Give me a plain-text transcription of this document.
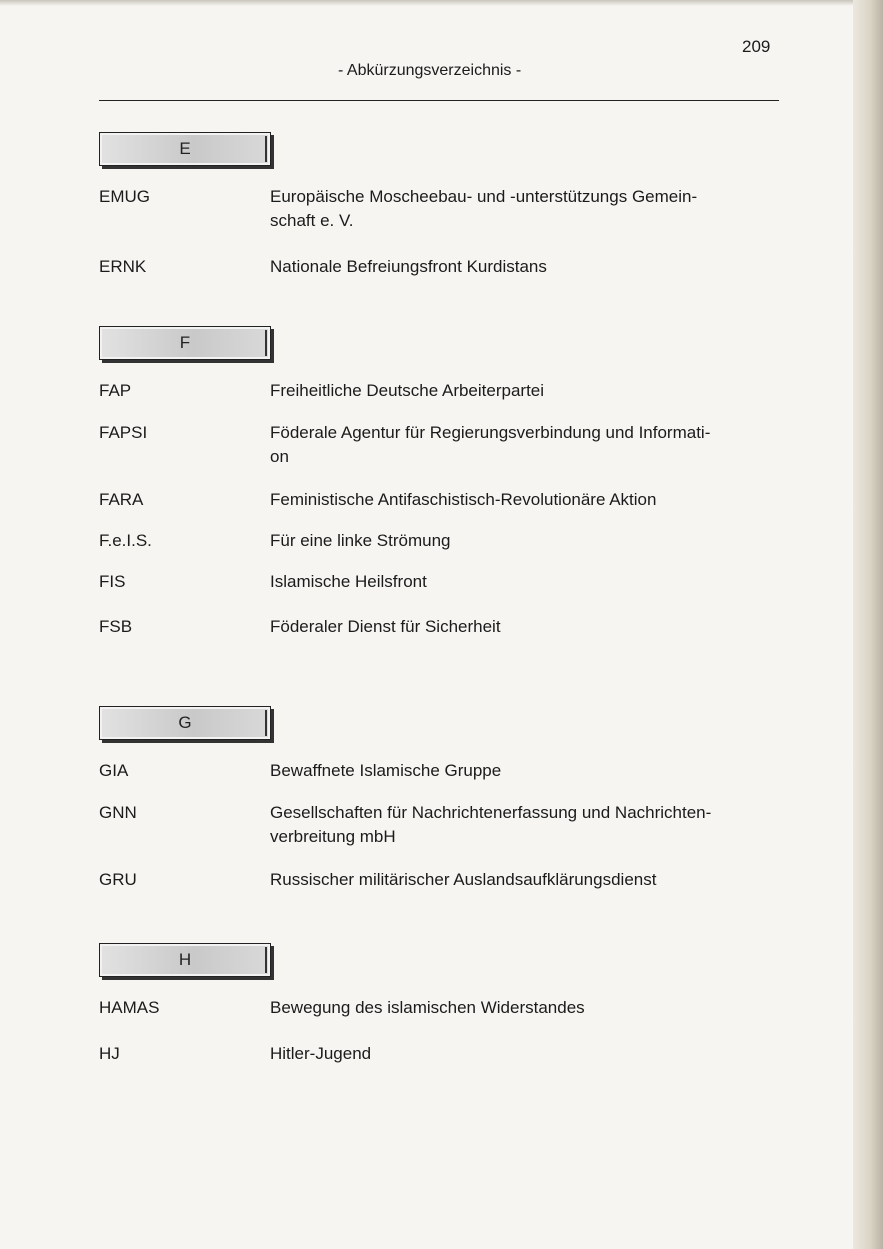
209
- Abkürzungsverzeichnis -
E
EMUG	Europäische Moscheebau- und -unterstützungs Gemein-
schaft e. V.
ERNK	Nationale Befreiungsfront Kurdistans
F
FAP	Freiheitliche Deutsche Arbeiterpartei
FAPSI	Föderale Agentur für Regierungsverbindung und Informati-
on
FARA	Feministische Antifaschistisch-Revolutionäre Aktion
F.e.I.S.	Für eine linke Strömung
FIS	Islamische Heilsfront
FSB	Föderaler Dienst für Sicherheit
G
GIA	Bewaffnete Islamische Gruppe
GNN	Gesellschaften für Nachrichtenerfassung und Nachrichten-
verbreitung mbH
GRU	Russischer militärischer Auslandsaufklärungsdienst
H
HAMAS	Bewegung des islamischen Widerstandes
HJ	Hitler-Jugend
